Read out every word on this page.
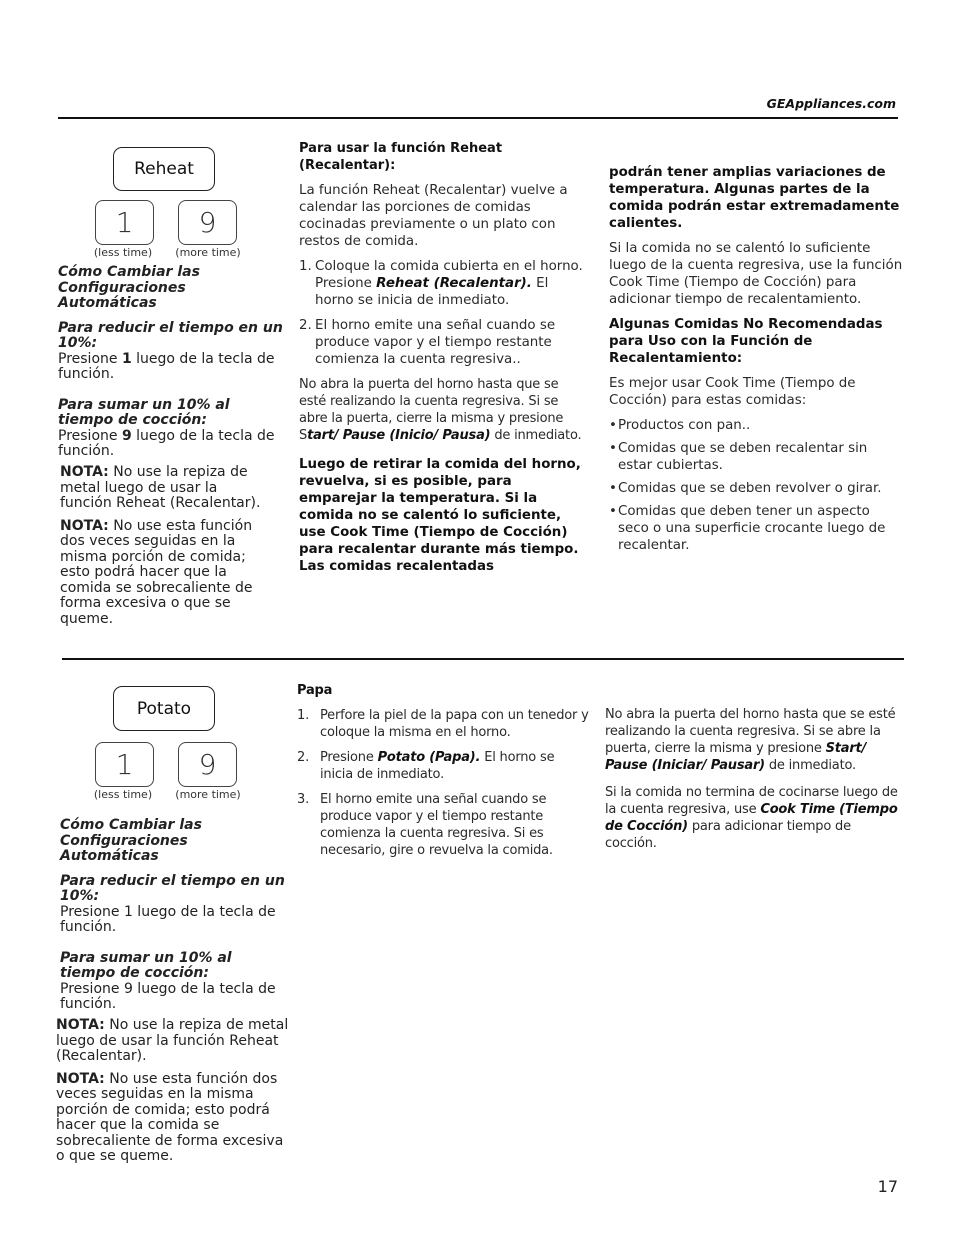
GEAppliances.com
Reheat
1	9
(less time)	(more time)

Cómo Cambiar las Configuraciones Automáticas

Para reducir el tiempo en un 10%:

Presione 1 luego de la tecla de función.

Para sumar un 10% al tiempo de cocción:

Presione 9 luego de la tecla de función.

NOTA: No use la repiza de metal luego de usar la función Reheat (Recalentar).

NOTA: No use esta función dos veces seguidas en la misma porción de comida; esto podrá hacer que la comida se sobrecaliente de forma excesiva o que se queme.

Para usar la función Reheat (Recalentar):

La función Reheat (Recalentar) vuelve a calendar las porciones de comidas cocinadas previamente o un plato con restos de comida.

1. Coloque la comida cubierta en el horno. Presione Reheat (Recalentar). El horno se inicia de inmediato.
2. El horno emite una señal cuando se produce vapor y el tiempo restante comienza la cuenta regresiva..

No abra la puerta del horno hasta que se esté realizando la cuenta regresiva. Si se abre la puerta, cierre la misma y presione Start/ Pause (Inicio/ Pausa) de inmediato.

Luego de retirar la comida del horno, revuelva, si es posible, para emparejar la temperatura. Si la comida no se calentó lo suficiente, use Cook Time (Tiempo de Cocción) para recalentar durante más tiempo. Las comidas recalentadas

podrán tener amplias variaciones de temperatura. Algunas partes de la comida podrán estar extremadamente calientes.

Si la comida no se calentó lo suficiente luego de la cuenta regresiva, use la función Cook Time (Tiempo de Cocción) para adicionar tiempo de recalentamiento.

Algunas Comidas No Recomendadas para Uso con la Función de Recalentamiento:

Es mejor usar Cook Time (Tiempo de Cocción) para estas comidas:

• Productos con pan..
• Comidas que se deben recalentar sin estar cubiertas.
• Comidas que se deben revolver o girar.
• Comidas que deben tener un aspecto seco o una superficie crocante luego de recalentar.
Potato
1	9
(less time)	(more time)

Cómo Cambiar las Configuraciones Automáticas

Para reducir el tiempo en un 10%:

Presione 1 luego de la tecla de función.

Para sumar un 10% al tiempo de cocción:

Presione 9 luego de la tecla de función.

NOTA: No use la repiza de metal luego de usar la función Reheat (Recalentar).

NOTA: No use esta función dos veces seguidas en la misma porción de comida; esto podrá hacer que la comida se sobrecaliente de forma excesiva o que se queme.

Papa

1. Perfore la piel de la papa con un tenedor y coloque la misma en el horno.
2. Presione Potato (Papa). El horno se inicia de inmediato.
3. El horno emite una señal cuando se produce vapor y el tiempo restante comienza la cuenta regresiva. Si es necesario, gire o revuelva la comida.

No abra la puerta del horno hasta que se esté realizando la cuenta regresiva. Si se abre la puerta, cierre la misma y presione Start/ Pause (Iniciar/ Pausar) de inmediato.

Si la comida no termina de cocinarse luego de la cuenta regresiva, use Cook Time (Tiempo de Cocción) para adicionar tiempo de cocción.

17
